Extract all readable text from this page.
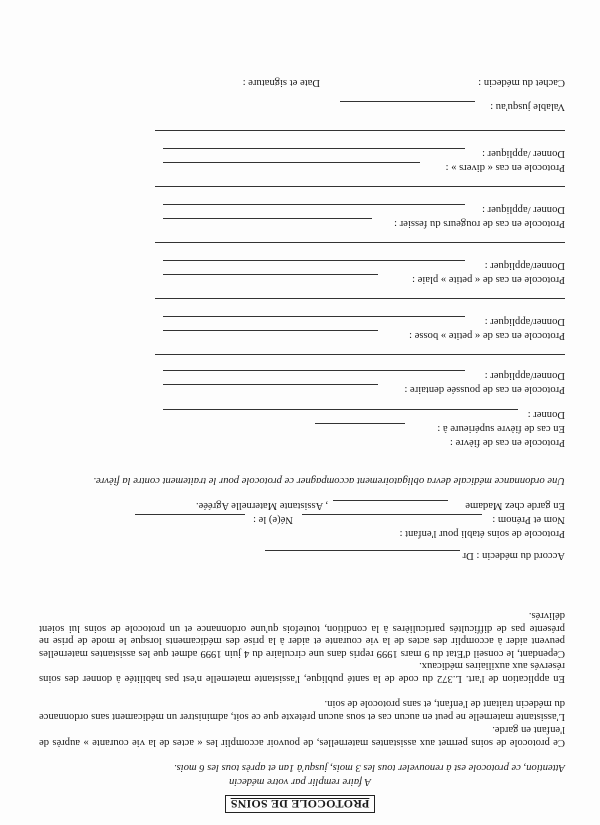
PROTOCOLE DE SOINS
A faire remplir par votre médecin
Attention, ce protocole est à renouveler tous les 3 mois, jusqu'à 1an et après tous les 6 mois.
Ce protocole de soins permet aux assistantes maternelles, de pouvoir accomplir les « actes de la vie courante » auprès de l'enfant en garde.
L'assistante maternelle ne peut en aucun cas et sous aucun prétexte que ce soit, administrer un médicament sans ordonnance du médecin traitant de l'enfant, et sans protocole de soin.
En application de l'art. L.372 du code de la santé publique, l'assistante maternelle n'est pas habilitée à donner des soins réservés aux auxiliaires médicaux.
Cependant, le conseil d'Etat du 9 mars 1999 repris dans une circulaire du 4 juin 1999 admet que les assistantes maternelles peuvent aider à accomplir des actes de la vie courante et aider à la prise des médicaments lorsque le mode de prise ne présente pas de difficultés particulières à la condition, toutefois qu'une ordonnance et un protocole de soins lui soient délivrés.
Accord du médecin : Dr
Protocole de soins établi pour l'enfant :
Nom et Prénom :
Né(e) le :
En garde chez Madame
, Assistante Maternelle Agréée.
Une ordonnance médicale devra obligatoirement accompagner ce protocole pour le traitement contre la fièvre.
Protocole en cas de fièvre :
En cas de fièvre supérieure à :
Donner :
Protocole en cas de poussée dentaire :
Donner/appliquer :
Protocole en cas de « petite » bosse :
Donner/appliquer :
Protocole en cas de « petite » plaie :
Donner/appliquer :
Protocole en cas de rougeurs du fessier :
Donner /appliquer :
Protocole en cas « divers » :
Donner /appliquer :
Valable jusqu'au :
Cachet du médecin :
Date et signature :
